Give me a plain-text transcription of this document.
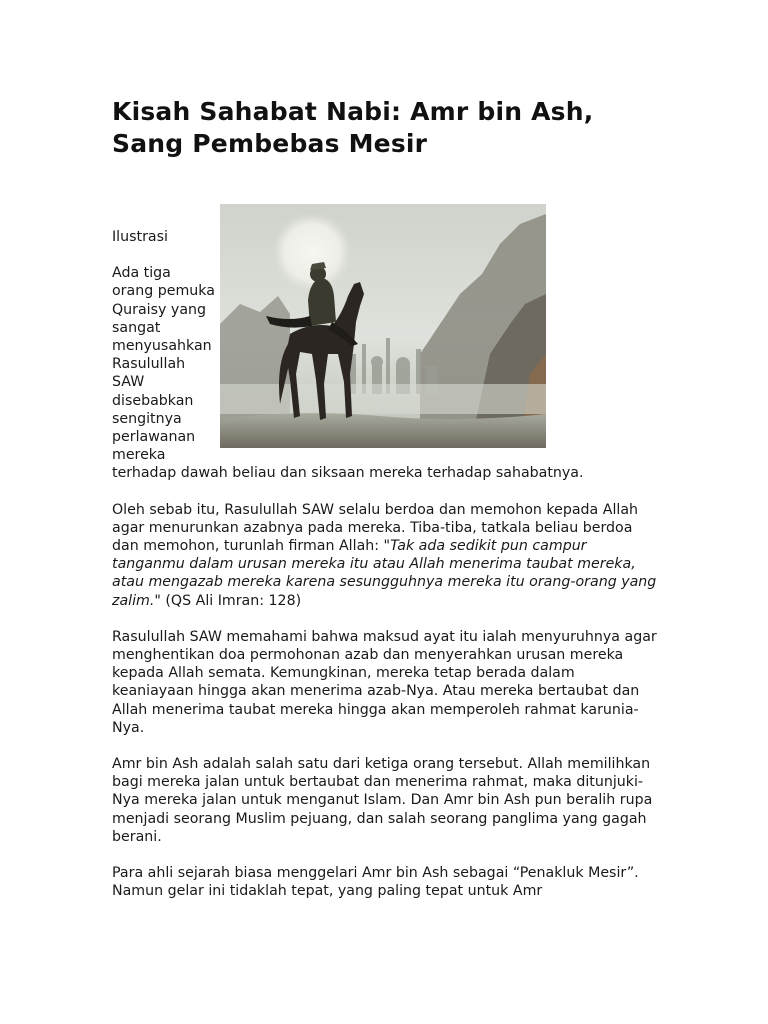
Kisah Sahabat Nabi: Amr bin Ash, Sang Pembebas Mesir

Ilustrasi

Ada tiga orang pemuka Quraisy yang sangat menyusahkan Rasulullah SAW disebabkan sengitnya perlawanan

mereka terhadap dawah beliau dan siksaan mereka terhadap sahabatnya.

Oleh sebab itu, Rasulullah SAW selalu berdoa dan memohon kepada Allah agar menurunkan azabnya pada mereka. Tiba-tiba, tatkala beliau berdoa dan memohon, turunlah firman Allah: "Tak ada sedikit pun campur tanganmu dalam urusan mereka itu atau Allah menerima taubat mereka, atau mengazab mereka karena sesungguhnya mereka itu orang-orang yang zalim." (QS Ali Imran: 128)

Rasulullah SAW memahami bahwa maksud ayat itu ialah menyuruhnya agar menghentikan doa permohonan azab dan menyerahkan urusan mereka kepada Allah semata. Kemungkinan, mereka tetap berada dalam keaniayaan hingga akan menerima azab-Nya. Atau mereka bertaubat dan Allah menerima taubat mereka hingga akan memperoleh rahmat karunia-Nya.

Amr bin Ash adalah salah satu dari ketiga orang tersebut. Allah memilihkan bagi mereka jalan untuk bertaubat dan menerima rahmat, maka ditunjuki-Nya mereka jalan untuk menganut Islam. Dan Amr bin Ash pun beralih rupa menjadi seorang Muslim pejuang, dan salah seorang panglima yang gagah berani.

Para ahli sejarah biasa menggelari Amr bin Ash sebagai “Penakluk Mesir”. Namun gelar ini tidaklah tepat, yang paling tepat untuk Amr
